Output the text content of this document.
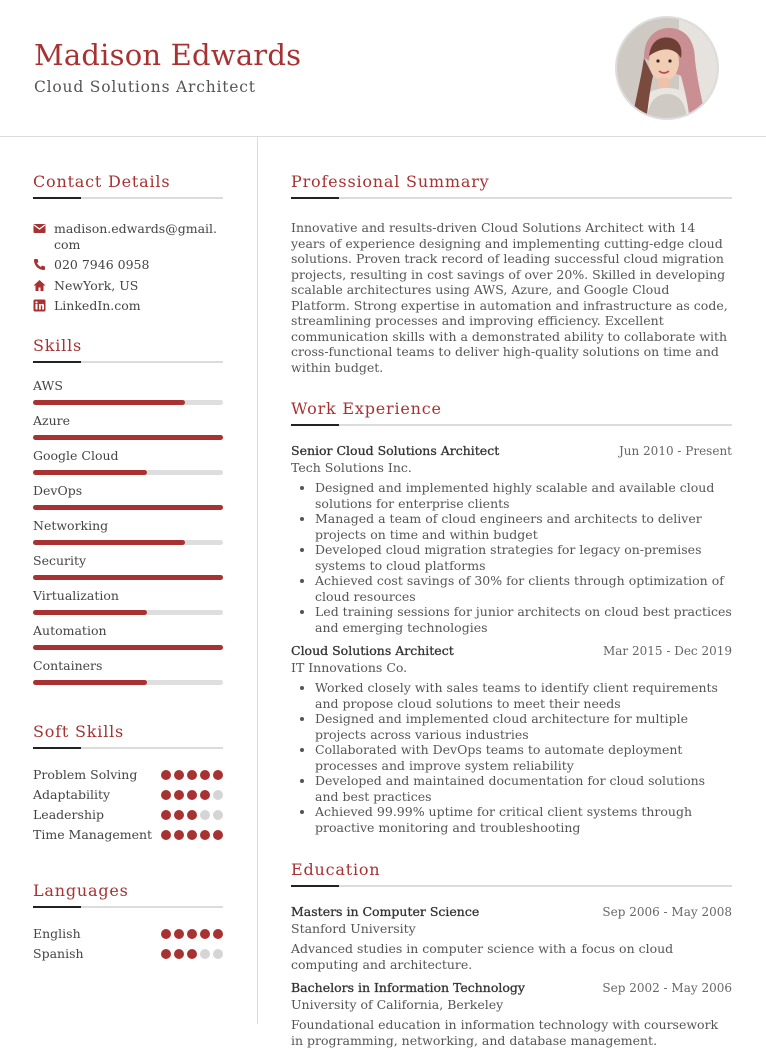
Madison Edwards
Cloud Solutions Architect
Contact Details
madison.edwards@gmail.com
020 7946 0958
NewYork, US
LinkedIn.com
Skills
AWS
Azure
Google Cloud
DevOps
Networking
Security
Virtualization
Automation
Containers
Soft Skills
Problem Solving
Adaptability
Leadership
Time Management
Languages
English
Spanish
Professional Summary
Innovative and results-driven Cloud Solutions Architect with 14 years of experience designing and implementing cutting-edge cloud solutions. Proven track record of leading successful cloud migration projects, resulting in cost savings of over 20%. Skilled in developing scalable architectures using AWS, Azure, and Google Cloud Platform. Strong expertise in automation and infrastructure as code, streamlining processes and improving efficiency. Excellent communication skills with a demonstrated ability to collaborate with cross-functional teams to deliver high-quality solutions on time and within budget.
Work Experience
Senior Cloud Solutions Architect	Jun 2010 - Present
Tech Solutions Inc.
• Designed and implemented highly scalable and available cloud solutions for enterprise clients
• Managed a team of cloud engineers and architects to deliver projects on time and within budget
• Developed cloud migration strategies for legacy on-premises systems to cloud platforms
• Achieved cost savings of 30% for clients through optimization of cloud resources
• Led training sessions for junior architects on cloud best practices and emerging technologies
Cloud Solutions Architect	Mar 2015 - Dec 2019
IT Innovations Co.
• Worked closely with sales teams to identify client requirements and propose cloud solutions to meet their needs
• Designed and implemented cloud architecture for multiple projects across various industries
• Collaborated with DevOps teams to automate deployment processes and improve system reliability
• Developed and maintained documentation for cloud solutions and best practices
• Achieved 99.99% uptime for critical client systems through proactive monitoring and troubleshooting
Education
Masters in Computer Science	Sep 2006 - May 2008
Stanford University
Advanced studies in computer science with a focus on cloud computing and architecture.
Bachelors in Information Technology	Sep 2002 - May 2006
University of California, Berkeley
Foundational education in information technology with coursework in programming, networking, and database management.
